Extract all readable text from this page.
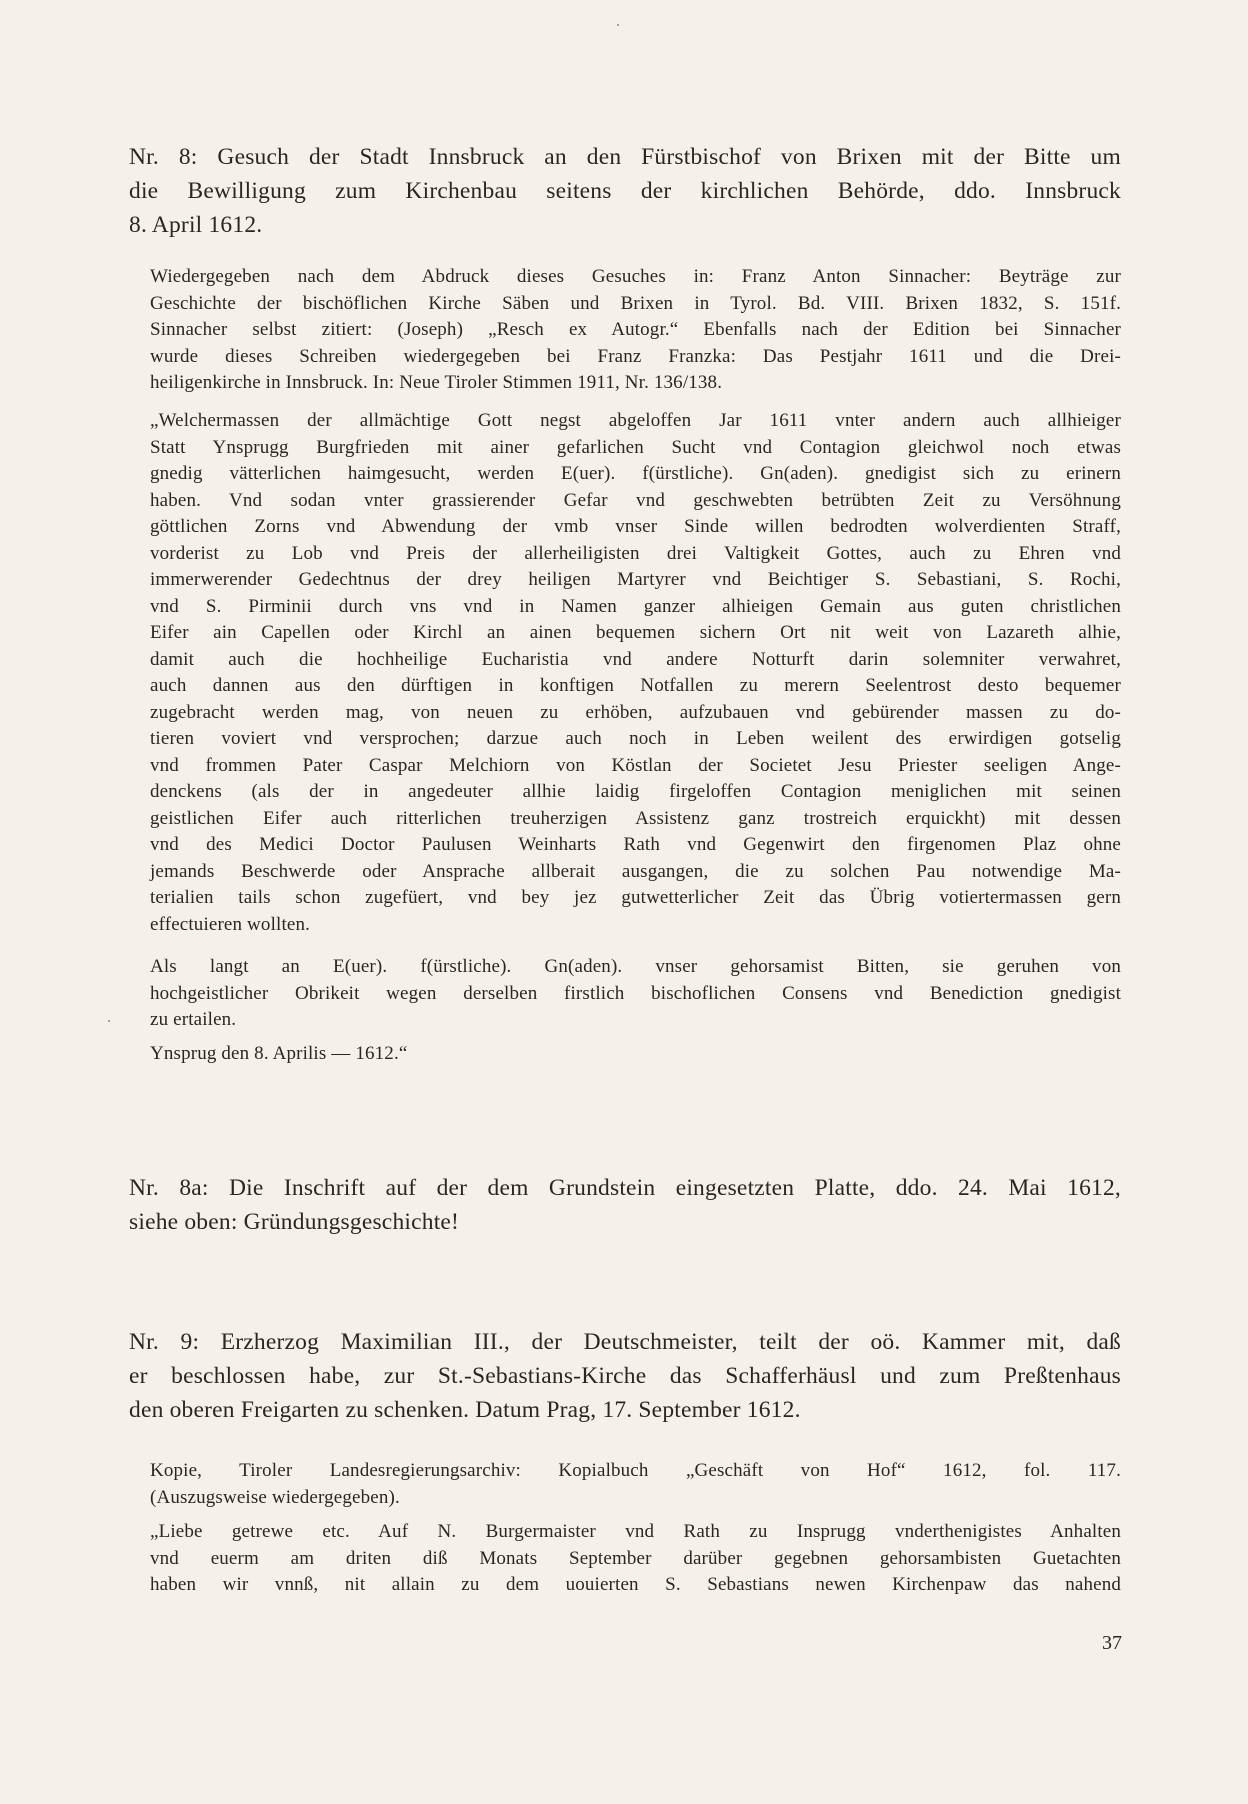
Nr. 8: Gesuch der Stadt Innsbruck an den Fürstbischof von Brixen mit der Bitte um
die Bewilligung zum Kirchenbau seitens der kirchlichen Behörde, ddo. Innsbruck
8. April 1612.

Wiedergegeben nach dem Abdruck dieses Gesuches in: Franz Anton Sinnacher: Beyträge zur
Geschichte der bischöflichen Kirche Säben und Brixen in Tyrol. Bd. VIII. Brixen 1832, S. 151f.
Sinnacher selbst zitiert: (Joseph) „Resch ex Autogr.“ Ebenfalls nach der Edition bei Sinnacher
wurde dieses Schreiben wiedergegeben bei Franz Franzka: Das Pestjahr 1611 und die Drei-
heiligenkirche in Innsbruck. In: Neue Tiroler Stimmen 1911, Nr. 136/138.

„Welchermassen der allmächtige Gott negst abgeloffen Jar 1611 vnter andern auch allhieiger
Statt Ynsprugg Burgfrieden mit ainer gefarlichen Sucht vnd Contagion gleichwol noch etwas
gnedig vätterlichen haimgesucht, werden E(uer). f(ürstliche). Gn(aden). gnedigist sich zu erinern
haben. Vnd sodan vnter grassierender Gefar vnd geschwebten betrübten Zeit zu Versöhnung
göttlichen Zorns vnd Abwendung der vmb vnser Sinde willen bedrodten wolverdienten Straff,
vorderist zu Lob vnd Preis der allerheiligisten drei Valtigkeit Gottes, auch zu Ehren vnd
immerwerender Gedechtnus der drey heiligen Martyrer vnd Beichtiger S. Sebastiani, S. Rochi,
vnd S. Pirminii durch vns vnd in Namen ganzer alhieigen Gemain aus guten christlichen
Eifer ain Capellen oder Kirchl an ainen bequemen sichern Ort nit weit von Lazareth alhie,
damit auch die hochheilige Eucharistia vnd andere Notturft darin solemniter verwahret,
auch dannen aus den dürftigen in konftigen Notfallen zu merern Seelentrost desto bequemer
zugebracht werden mag, von neuen zu erhöben, aufzubauen vnd gebürender massen zu do-
tieren voviert vnd versprochen; darzue auch noch in Leben weilent des erwirdigen gotselig
vnd frommen Pater Caspar Melchiorn von Köstlan der Societet Jesu Priester seeligen Ange-
denckens (als der in angedeuter allhie laidig firgeloffen Contagion meniglichen mit seinen
geistlichen Eifer auch ritterlichen treuherzigen Assistenz ganz trostreich erquickht) mit dessen
vnd des Medici Doctor Paulusen Weinharts Rath vnd Gegenwirt den firgenomen Plaz ohne
jemands Beschwerde oder Ansprache allberait ausgangen, die zu solchen Pau notwendige Ma-
terialien tails schon zugefüert, vnd bey jez gutwetterlicher Zeit das Übrig votiertermassen gern
effectuieren wollten.

Als langt an E(uer). f(ürstliche). Gn(aden). vnser gehorsamist Bitten, sie geruhen von
hochgeistlicher Obrikeit wegen derselben firstlich bischoflichen Consens vnd Benediction gnedigist
zu ertailen.

Ynsprug den 8. Aprilis — 1612.“

Nr. 8a: Die Inschrift auf der dem Grundstein eingesetzten Platte, ddo. 24. Mai 1612,
siehe oben: Gründungsgeschichte!

Nr. 9: Erzherzog Maximilian III., der Deutschmeister, teilt der oö. Kammer mit, daß
er beschlossen habe, zur St.-Sebastians-Kirche das Schafferhäusl und zum Preßtenhaus
den oberen Freigarten zu schenken. Datum Prag, 17. September 1612.

Kopie, Tiroler Landesregierungsarchiv: Kopialbuch „Geschäft von Hof“ 1612, fol. 117.
(Auszugsweise wiedergegeben).

„Liebe getrewe etc. Auf N. Burgermaister vnd Rath zu Insprugg vnderthenigistes Anhalten
vnd euerm am driten diß Monats September darüber gegebnen gehorsambisten Guetachten
haben wir vnnß, nit allain zu dem uouierten S. Sebastians newen Kirchenpaw das nahend

37
